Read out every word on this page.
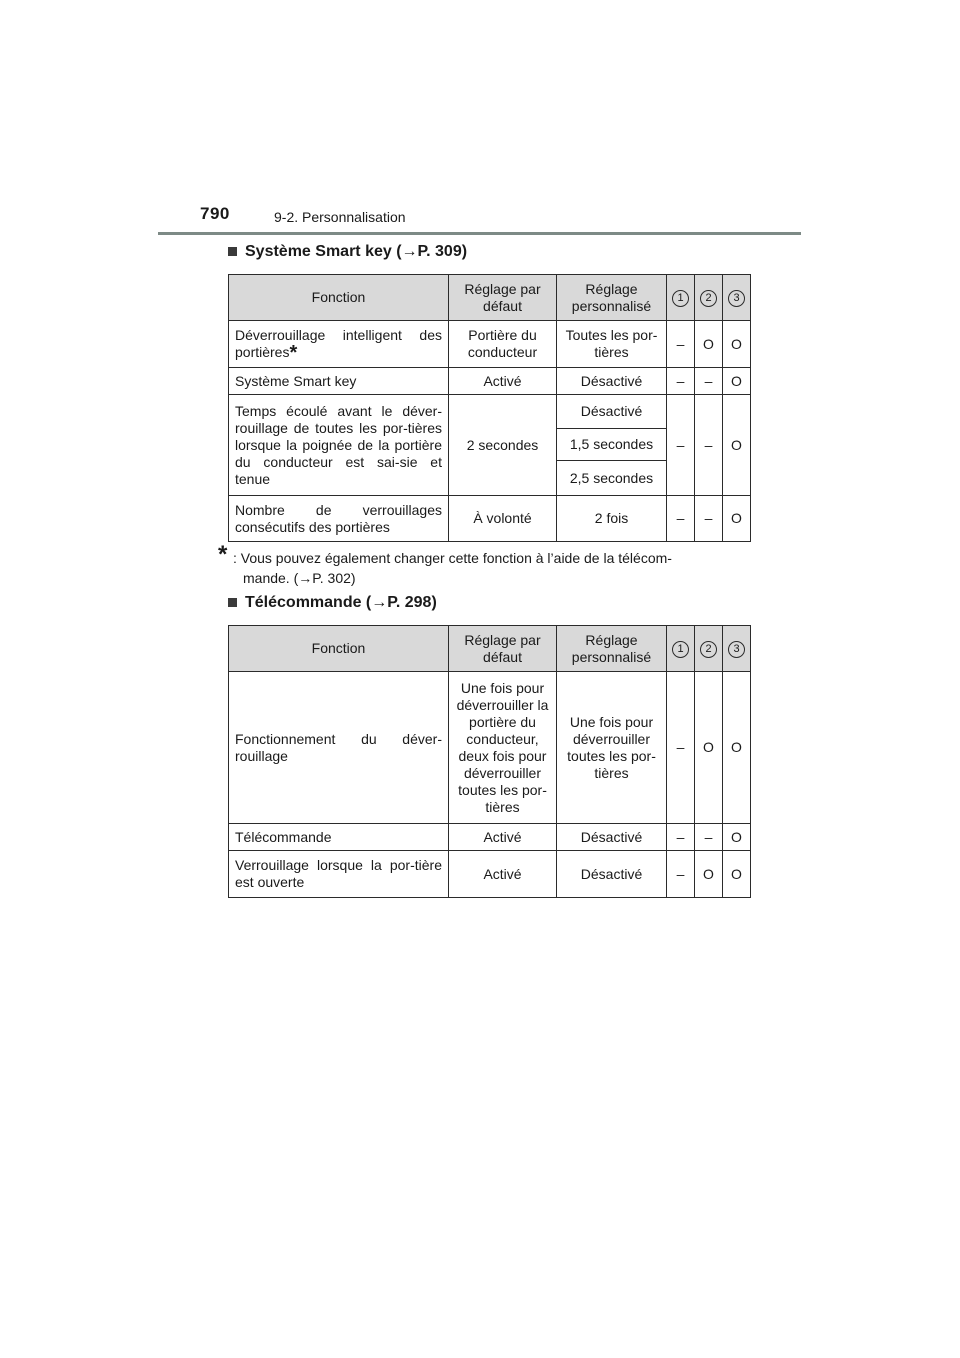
790	9-2. Personnalisation
Système Smart key (→P. 309)
Fonction	Réglage par défaut	Réglage personnalisé	1	2	3
Déverrouillage intelligent des portières*	Portière du conducteur	Toutes les por-tières	–	O	O
Système Smart key	Activé	Désactivé	–	–	O
Temps écoulé avant le déver-rouillage de toutes les por-tières lorsque la poignée de la portière du conducteur est sai-sie et tenue	2 secondes	Désactivé	–	–	O
		1,5 secondes			
		2,5 secondes			
Nombre de verrouillages consécutifs des portières	À volonté	2 fois	–	–	O
* : Vous pouvez également changer cette fonction à l’aide de la télécom-
mande. (→P. 302)
Télécommande (→P. 298)
Fonction	Réglage par défaut	Réglage personnalisé	1	2	3
Fonctionnement du déver-rouillage	Une fois pour déverrouiller la portière du conducteur, deux fois pour déverrouiller toutes les por-tières	Une fois pour déverrouiller toutes les por-tières	–	O	O
Télécommande	Activé	Désactivé	–	–	O
Verrouillage lorsque la por-tière est ouverte	Activé	Désactivé	–	O	O
